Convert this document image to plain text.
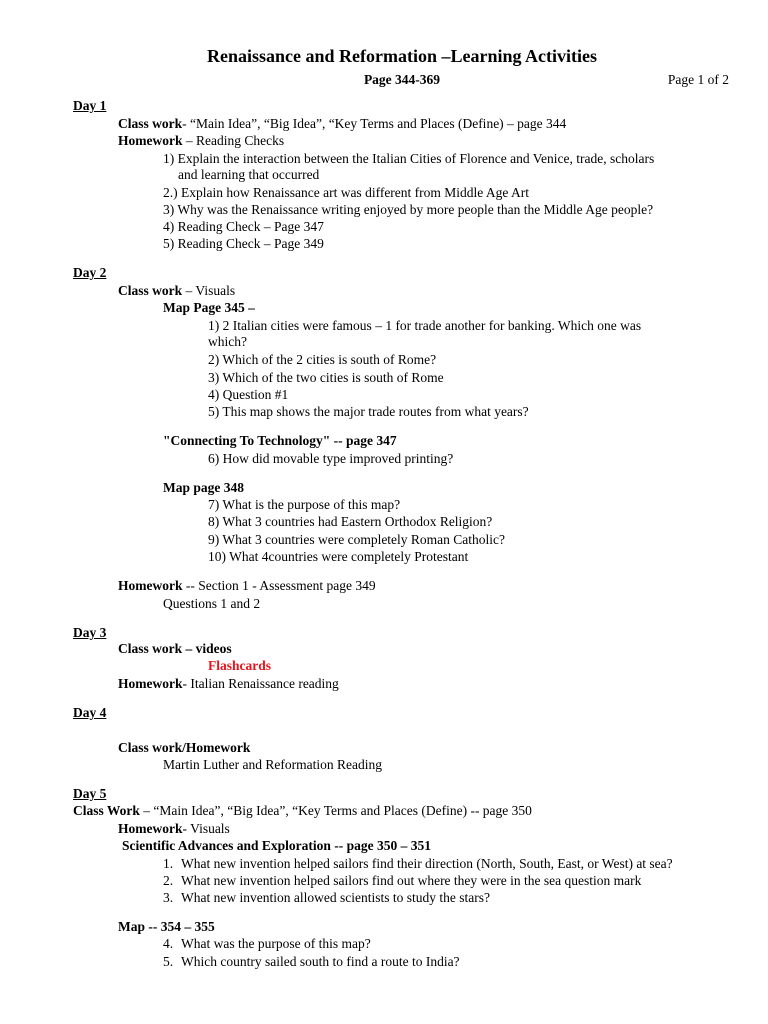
Renaissance and Reformation –Learning Activities
Page 344-369	Page 1 of 2
Day 1
Class work- “Main Idea”, “Big Idea”, “Key Terms and Places (Define) – page 344
Homework – Reading Checks
1) Explain the interaction between the Italian Cities of Florence and Venice, trade, scholars
and learning that occurred
2.) Explain how Renaissance art was different from Middle Age Art
3) Why was the Renaissance writing enjoyed by more people than the Middle Age people?
4) Reading Check – Page 347
5) Reading Check – Page 349
Day 2
Class work – Visuals
Map Page 345 –
1) 2 Italian cities were famous – 1 for trade another for banking. Which one was
which?
2) Which of the 2 cities is south of Rome?
3) Which of the two cities is south of Rome
4) Question #1
5) This map shows the major trade routes from what years?
"Connecting To Technology" -- page 347
6) How did movable type improved printing?
Map page 348
7) What is the purpose of this map?
8) What 3 countries had Eastern Orthodox Religion?
9) What 3 countries were completely Roman Catholic?
10) What 4countries were completely Protestant
Homework -- Section 1 - Assessment page 349
Questions 1 and 2
Day 3
Class work – videos
Flashcards
Homework- Italian Renaissance reading
Day 4
Class work/Homework
Martin Luther and Reformation Reading
Day 5
Class Work – “Main Idea”, “Big Idea”, “Key Terms and Places (Define) -- page 350
Homework- Visuals
Scientific Advances and Exploration -- page 350 – 351
1. What new invention helped sailors find their direction (North, South, East, or West) at sea?
2. What new invention helped sailors find out where they were in the sea question mark
3. What new invention allowed scientists to study the stars?
Map -- 354 – 355
4. What was the purpose of this map?
5. Which country sailed south to find a route to India?
